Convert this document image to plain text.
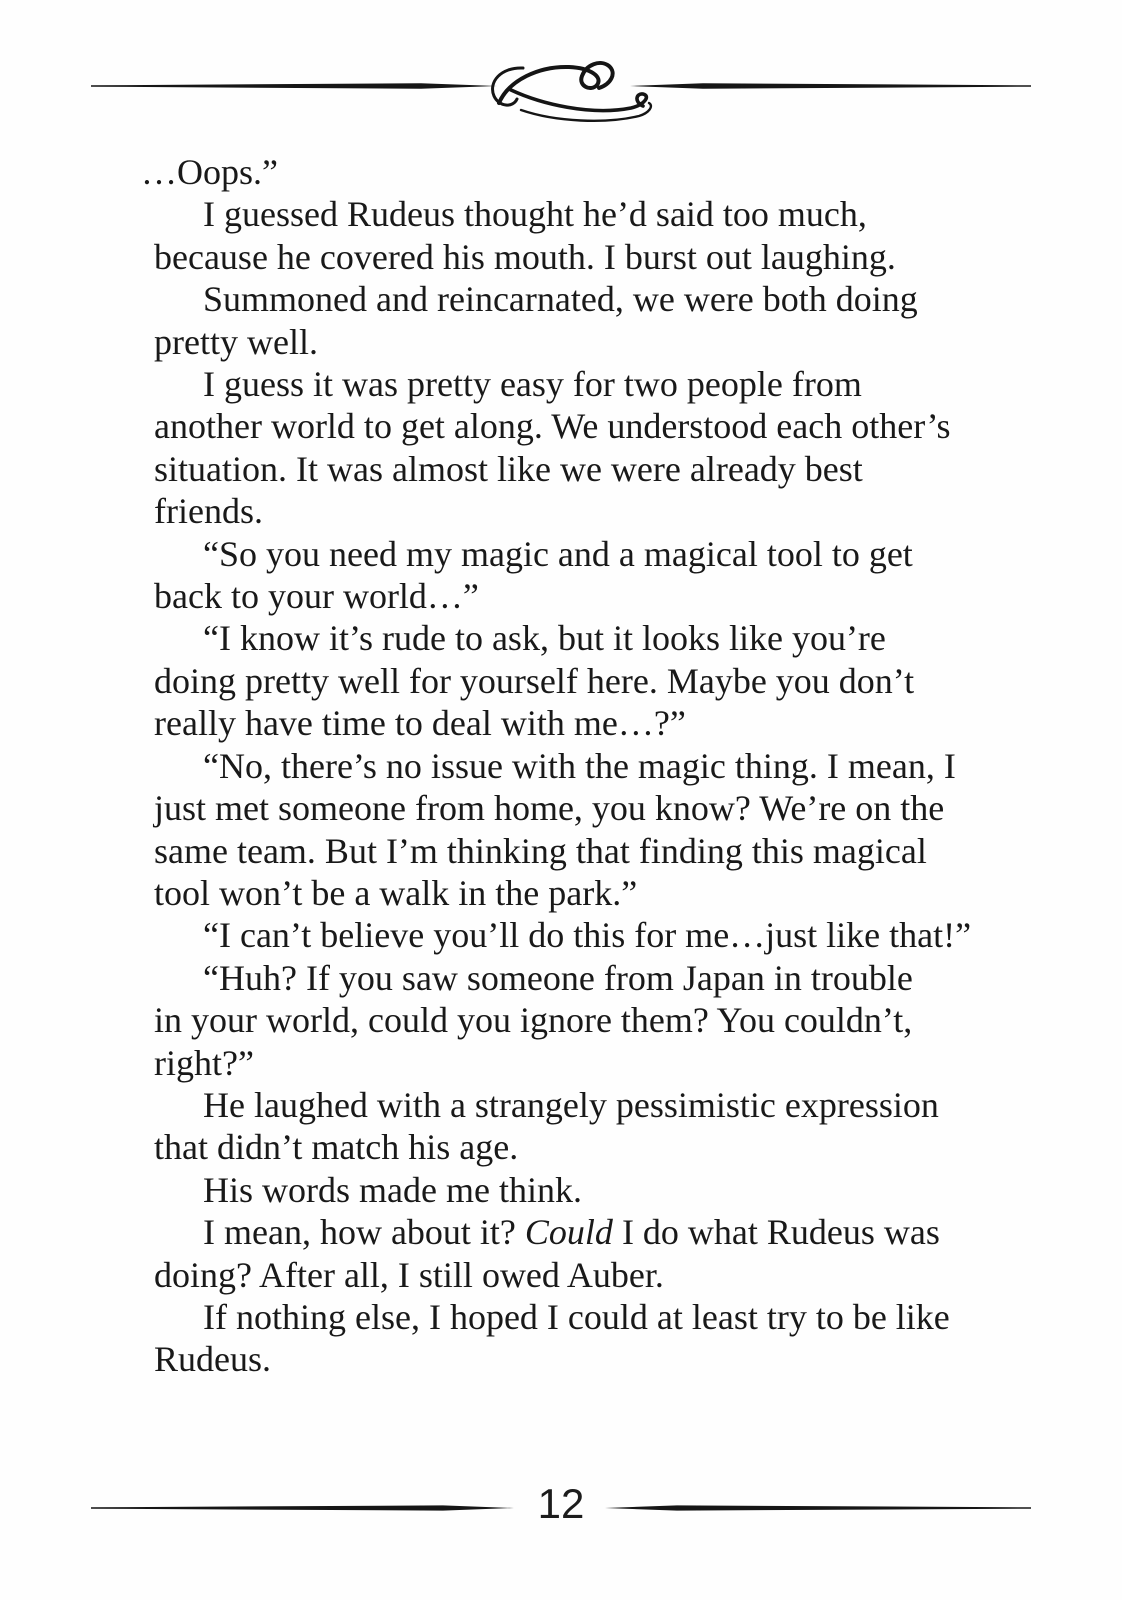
…Oops.”
I guessed Rudeus thought he’d said too much,
because he covered his mouth. I burst out laughing.
Summoned and reincarnated, we were both doing
pretty well.
I guess it was pretty easy for two people from
another world to get along. We understood each other’s
situation. It was almost like we were already best
friends.
“So you need my magic and a magical tool to get
back to your world…”
“I know it’s rude to ask, but it looks like you’re
doing pretty well for yourself here. Maybe you don’t
really have time to deal with me…?”
“No, there’s no issue with the magic thing. I mean, I
just met someone from home, you know? We’re on the
same team. But I’m thinking that finding this magical
tool won’t be a walk in the park.”
“I can’t believe you’ll do this for me…just like that!”
“Huh? If you saw someone from Japan in trouble
in your world, could you ignore them? You couldn’t,
right?”
He laughed with a strangely pessimistic expression
that didn’t match his age.
His words made me think.
I mean, how about it? Could I do what Rudeus was
doing? After all, I still owed Auber.
If nothing else, I hoped I could at least try to be like
Rudeus.
12
